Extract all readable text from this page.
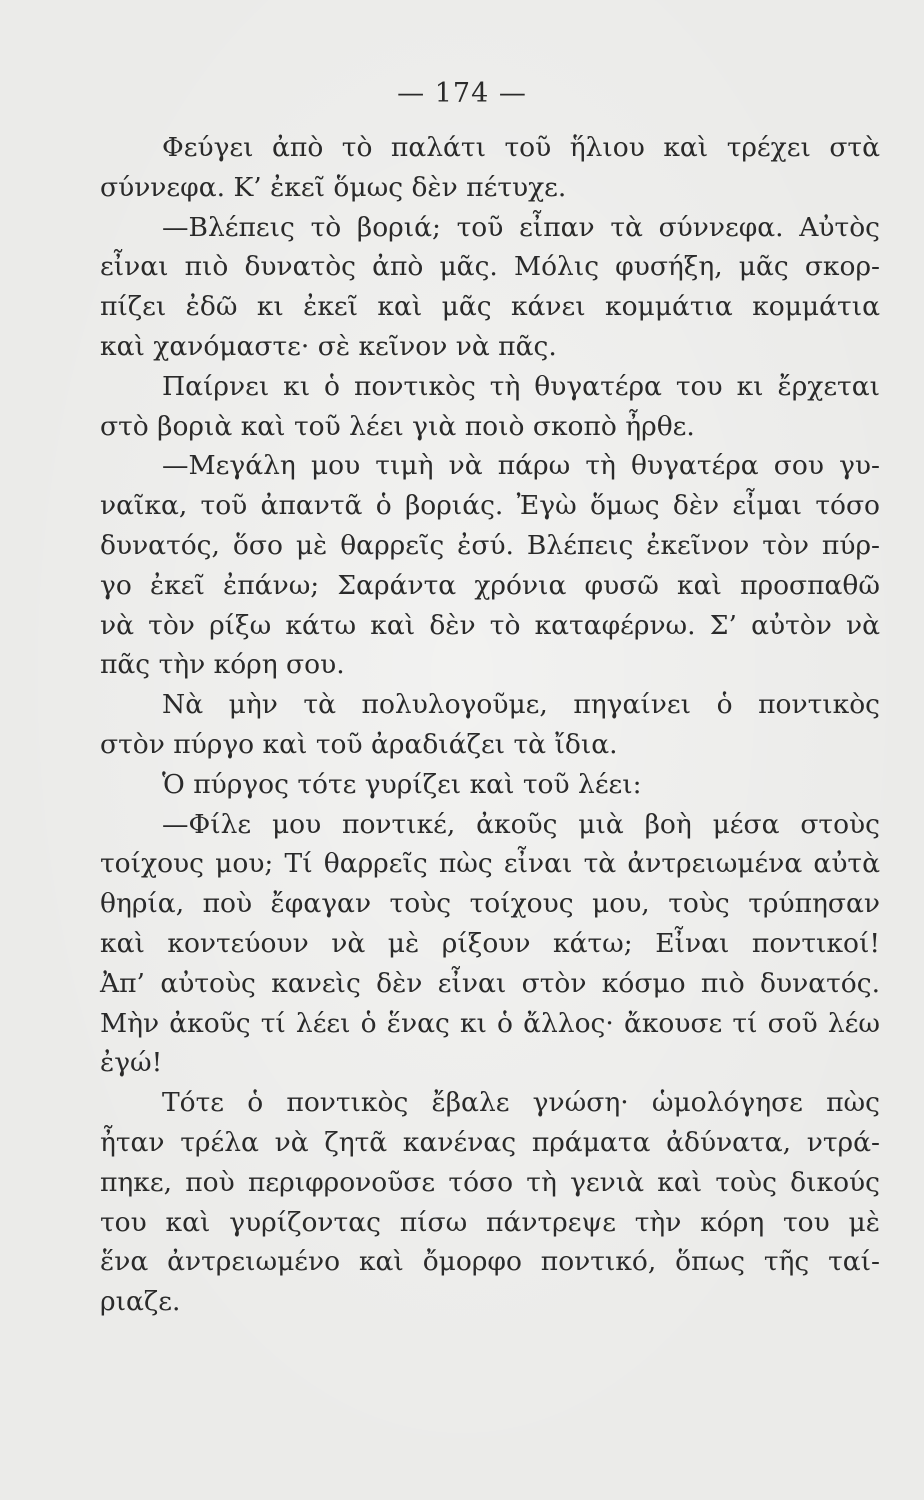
— 174 —
Φεύγει ἀπὸ τὸ παλάτι τοῦ ἥλιου καὶ τρέχει στὰ
σύννεφα. Κ’ ἐκεῖ ὅμως δὲν πέτυχε.
—Βλέπεις τὸ βοριά; τοῦ εἶπαν τὰ σύννεφα. Αὐτὸς
εἶναι πιὸ δυνατὸς ἀπὸ μᾶς. Μόλις φυσήξη, μᾶς σκορ-
πίζει ἐδῶ κι ἐκεῖ καὶ μᾶς κάνει κομμάτια κομμάτια
καὶ χανόμαστε· σὲ κεῖνον νὰ πᾶς.
Παίρνει κι ὁ ποντικὸς τὴ θυγατέρα του κι ἔρχεται
στὸ βοριὰ καὶ τοῦ λέει γιὰ ποιὸ σκοπὸ ἦρθε.
—Μεγάλη μου τιμὴ νὰ πάρω τὴ θυγατέρα σου γυ-
ναῖκα, τοῦ ἀπαντᾶ ὁ βοριάς. Ἐγὼ ὅμως δὲν εἶμαι τόσο
δυνατός, ὅσο μὲ θαρρεῖς ἐσύ. Βλέπεις ἐκεῖνον τὸν πύρ-
γο ἐκεῖ ἐπάνω; Σαράντα χρόνια φυσῶ καὶ προσπαθῶ
νὰ τὸν ρίξω κάτω καὶ δὲν τὸ καταφέρνω. Σ’ αὐτὸν νὰ
πᾶς τὴν κόρη σου.
Νὰ μὴν τὰ πολυλογοῦμε, πηγαίνει ὁ ποντικὸς
στὸν πύργο καὶ τοῦ ἀραδιάζει τὰ ἴδια.
Ὁ πύργος τότε γυρίζει καὶ τοῦ λέει:
—Φίλε μου ποντικέ, ἀκοῦς μιὰ βοὴ μέσα στοὺς
τοίχους μου; Τί θαρρεῖς πὼς εἶναι τὰ ἀντρειωμένα αὐτὰ
θηρία, ποὺ ἔφαγαν τοὺς τοίχους μου, τοὺς τρύπησαν
καὶ κοντεύουν νὰ μὲ ρίξουν κάτω; Εἶναι ποντικοί!
Ἀπ’ αὐτοὺς κανεὶς δὲν εἶναι στὸν κόσμο πιὸ δυνατός.
Μὴν ἀκοῦς τί λέει ὁ ἕνας κι ὁ ἄλλος· ἄκουσε τί σοῦ λέω
ἐγώ!
Τότε ὁ ποντικὸς ἔβαλε γνώση· ὡμολόγησε πὼς
ἦταν τρέλα νὰ ζητᾶ κανένας πράματα ἀδύνατα, ντρά-
πηκε, ποὺ περιφρονοῦσε τόσο τὴ γενιὰ καὶ τοὺς δικούς
του καὶ γυρίζοντας πίσω πάντρεψε τὴν κόρη του μὲ
ἕνα ἀντρειωμένο καὶ ὄμορφο ποντικό, ὅπως τῆς ταί-
ριαζε.
